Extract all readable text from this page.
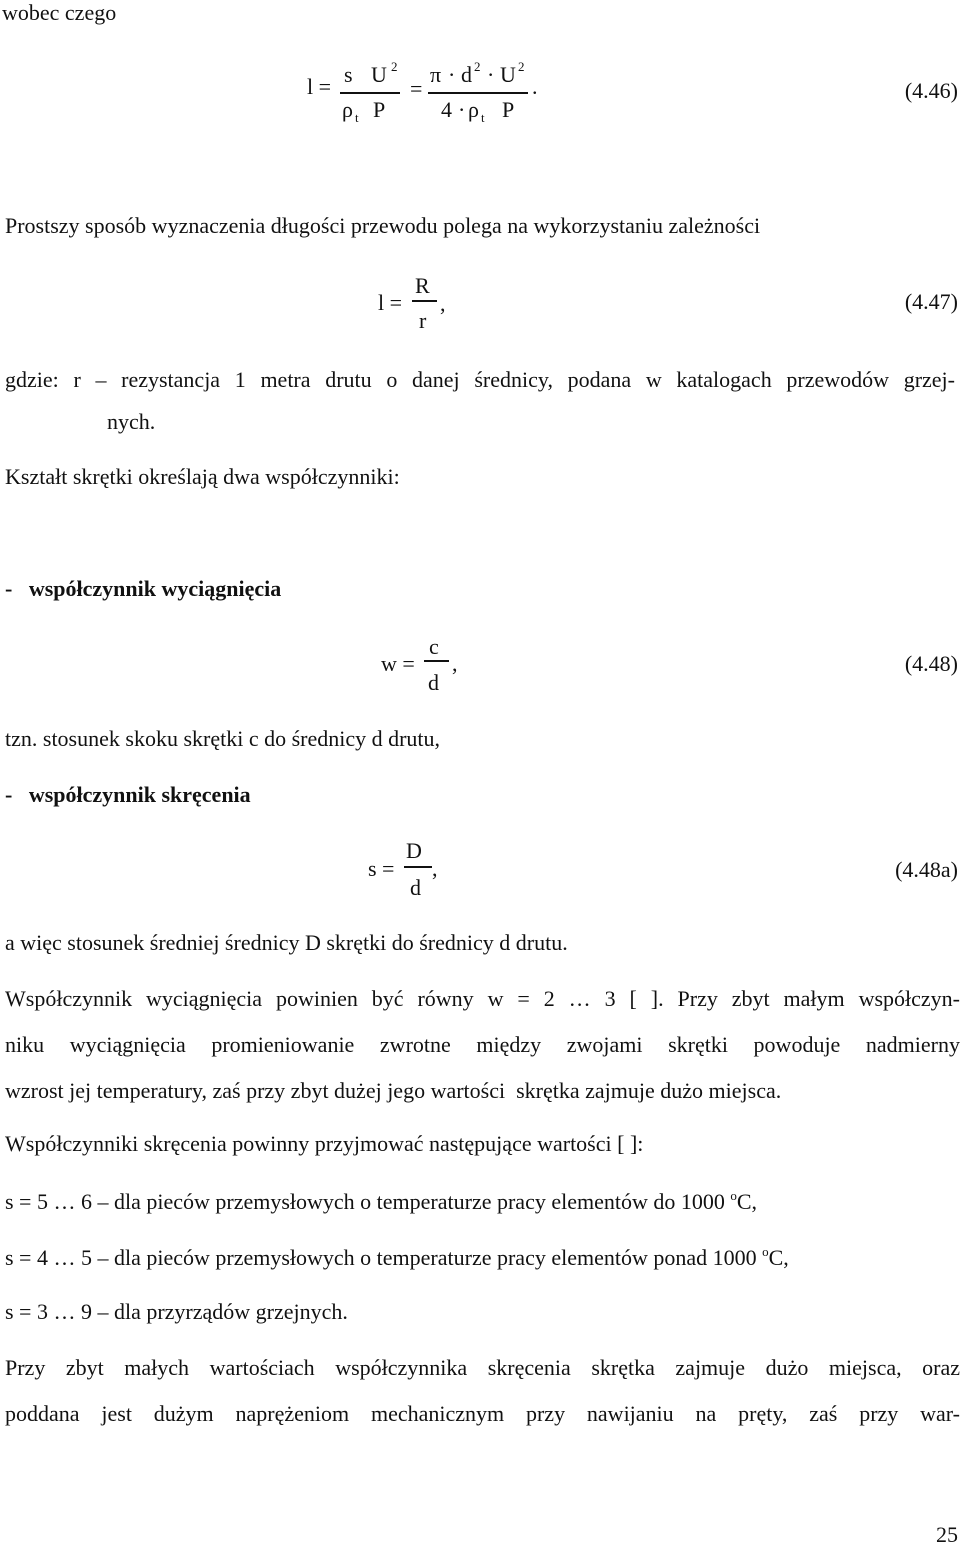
wobec czego
l = s U 2
ρ t P
=
π · d 2 · U 2
4 · ρ t P
.	(4.46)
Prostszy sposób wyznaczenia długości przewodu polega na wykorzystaniu zależności
l =
R
r
,	(4.47)
gdzie: r – rezystancja 1 metra drutu o danej średnicy, podana w katalogach przewodów grzej-
nych.
Kształt skrętki określają dwa współczynniki:
-   współczynnik wyciągnięcia
w =
c
d
,	(4.48)
tzn. stosunek skoku skrętki c do średnicy d drutu,
-   współczynnik skręcenia
s =
D
d
,	(4.48a)
a więc stosunek średniej średnicy D skrętki do średnicy d drutu.
Współczynnik wyciągnięcia powinien być równy w = 2 … 3 [ ]. Przy zbyt małym współczyn-
niku wyciągnięcia promieniowanie zwrotne między zwojami skrętki powoduje nadmierny
wzrost jej temperatury, zaś przy zbyt dużej jego wartości  skrętka zajmuje dużo miejsca.
Współczynniki skręcenia powinny przyjmować następujące wartości [ ]:
s = 5 … 6 – dla pieców przemysłowych o temperaturze pracy elementów do 1000 $^o$C,
s = 4 … 5 – dla pieców przemysłowych o temperaturze pracy elementów ponad 1000 $^o$C,
s = 3 … 9 – dla przyrządów grzejnych.
Przy zbyt małych wartościach współczynnika skręcenia skrętka zajmuje dużo miejsca, oraz
poddana jest dużym naprężeniom mechanicznym przy nawijaniu na pręty, zaś przy war-
25
